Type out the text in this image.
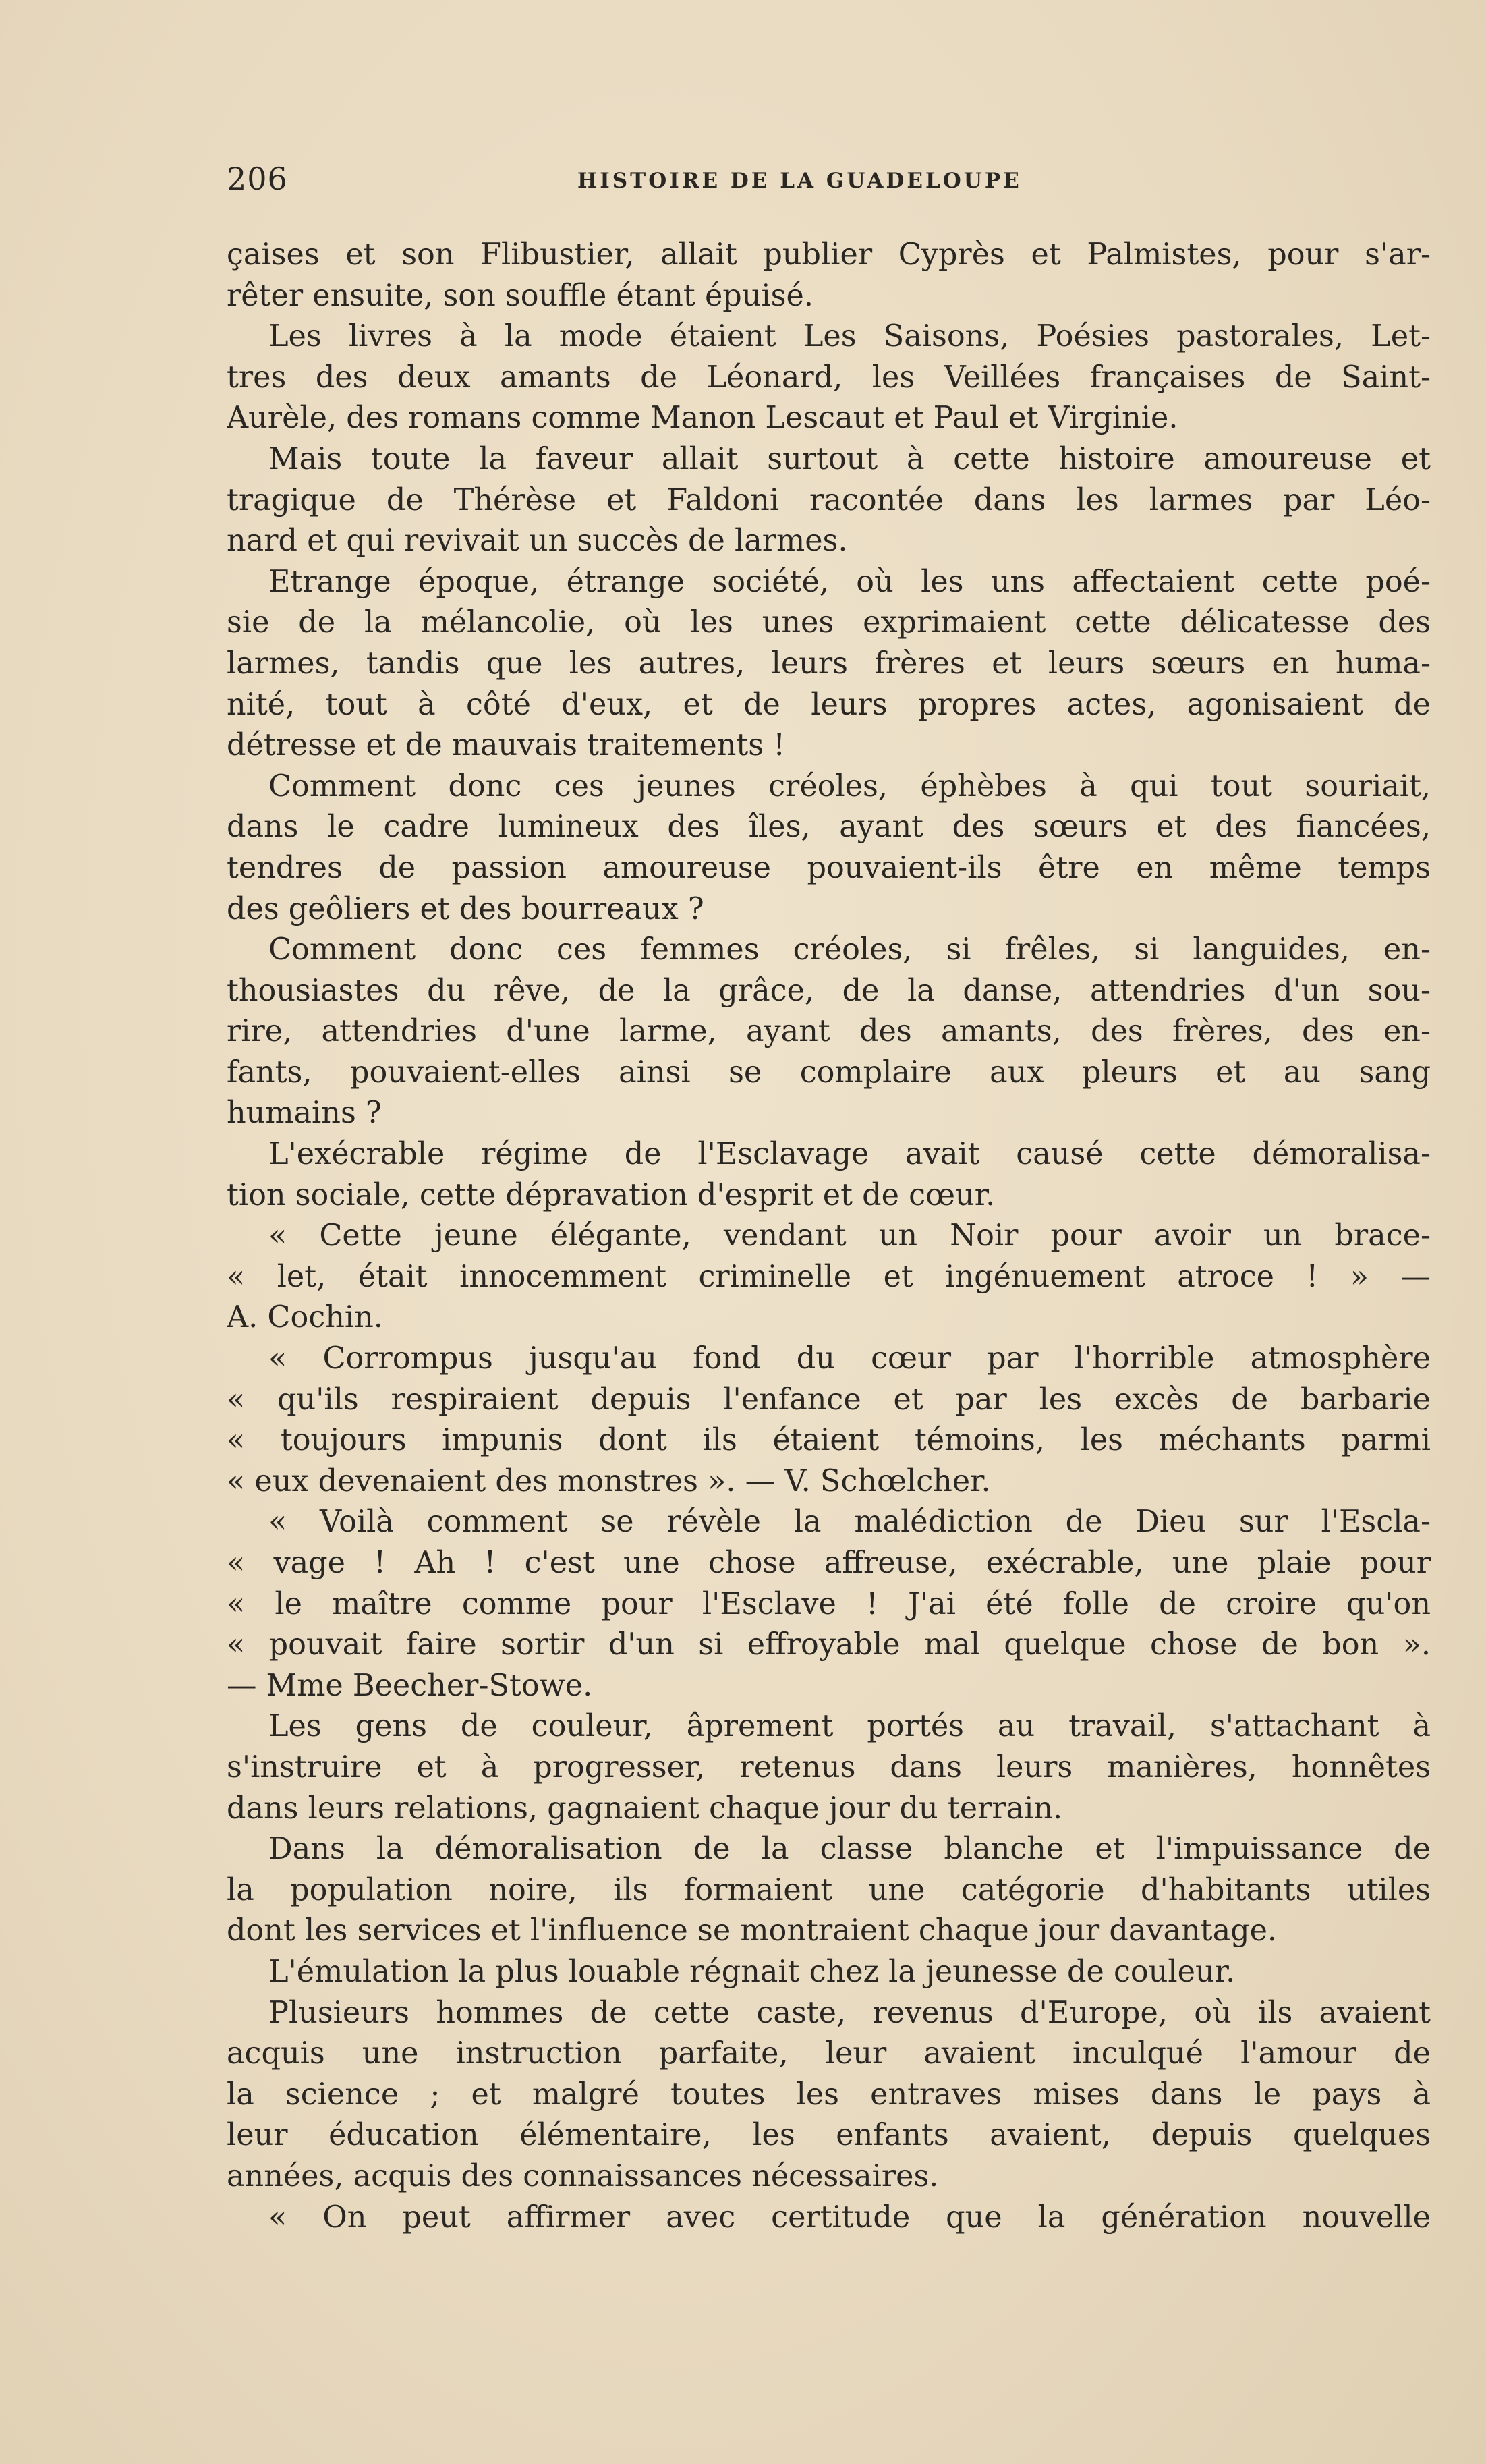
206	HISTOIRE DE LA GUADELOUPE
çaises et son Flibustier, allait publier Cyprès et Palmistes, pour s'ar-
rêter ensuite, son souffle étant épuisé.
Les livres à la mode étaient Les Saisons, Poésies pastorales, Let-
tres des deux amants de Léonard, les Veillées françaises de Saint-
Aurèle, des romans comme Manon Lescaut et Paul et Virginie.
Mais toute la faveur allait surtout à cette histoire amoureuse et
tragique de Thérèse et Faldoni racontée dans les larmes par Léo-
nard et qui revivait un succès de larmes.
Etrange époque, étrange société, où les uns affectaient cette poé-
sie de la mélancolie, où les unes exprimaient cette délicatesse des
larmes, tandis que les autres, leurs frères et leurs sœurs en huma-
nité, tout à côté d'eux, et de leurs propres actes, agonisaient de
détresse et de mauvais traitements !
Comment donc ces jeunes créoles, éphèbes à qui tout souriait,
dans le cadre lumineux des îles, ayant des sœurs et des fiancées,
tendres de passion amoureuse pouvaient-ils être en même temps
des geôliers et des bourreaux ?
Comment donc ces femmes créoles, si frêles, si languides, en-
thousiastes du rêve, de la grâce, de la danse, attendries d'un sou-
rire, attendries d'une larme, ayant des amants, des frères, des en-
fants, pouvaient-elles ainsi se complaire aux pleurs et au sang
humains ?
L'exécrable régime de l'Esclavage avait causé cette démoralisa-
tion sociale, cette dépravation d'esprit et de cœur.
« Cette jeune élégante, vendant un Noir pour avoir un brace-
« let, était innocemment criminelle et ingénuement atroce ! » —
A. Cochin.
« Corrompus jusqu'au fond du cœur par l'horrible atmosphère
« qu'ils respiraient depuis l'enfance et par les excès de barbarie
« toujours impunis dont ils étaient témoins, les méchants parmi
« eux devenaient des monstres ». — V. Schœlcher.
« Voilà comment se révèle la malédiction de Dieu sur l'Escla-
« vage ! Ah ! c'est une chose affreuse, exécrable, une plaie pour
« le maître comme pour l'Esclave ! J'ai été folle de croire qu'on
« pouvait faire sortir d'un si effroyable mal quelque chose de bon ».
— Mme Beecher-Stowe.
Les gens de couleur, âprement portés au travail, s'attachant à
s'instruire et à progresser, retenus dans leurs manières, honnêtes
dans leurs relations, gagnaient chaque jour du terrain.
Dans la démoralisation de la classe blanche et l'impuissance de
la population noire, ils formaient une catégorie d'habitants utiles
dont les services et l'influence se montraient chaque jour davantage.
L'émulation la plus louable régnait chez la jeunesse de couleur.
Plusieurs hommes de cette caste, revenus d'Europe, où ils avaient
acquis une instruction parfaite, leur avaient inculqué l'amour de
la science ; et malgré toutes les entraves mises dans le pays à
leur éducation élémentaire, les enfants avaient, depuis quelques
années, acquis des connaissances nécessaires.
« On peut affirmer avec certitude que la génération nouvelle
